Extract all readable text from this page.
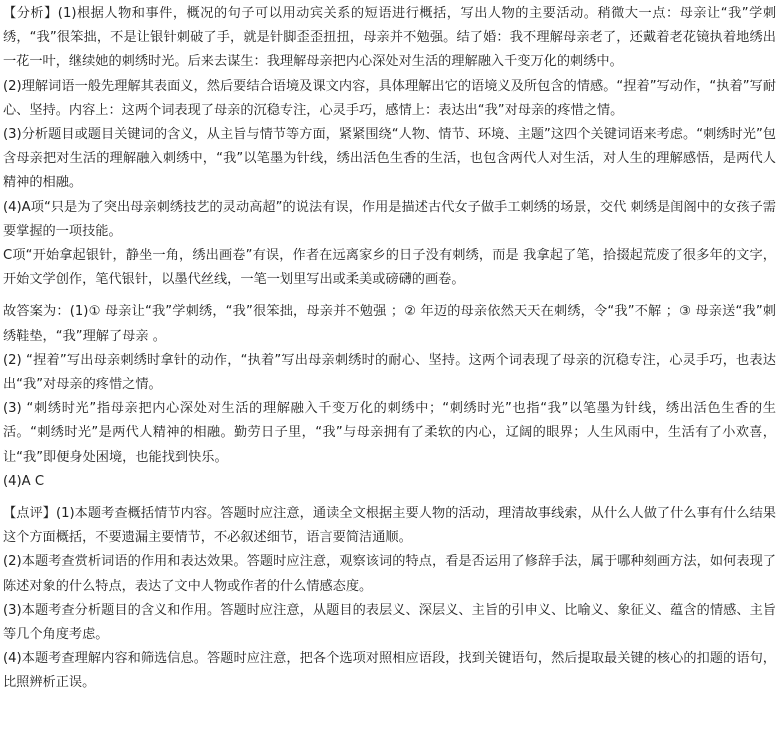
【分析】(1)根据人物和事件，概况的句子可以用动宾关系的短语进行概括，写出人物的主要活动。稍微大一点：母亲让“我”学刺绣，“我”很笨拙，不是让银针刺破了手，就是针脚歪歪扭扭，母亲并不勉强。结了婚：我不理解母亲老了，还戴着老花镜执着地绣出一花一叶，继续她的刺绣时光。后来去谋生：我理解母亲把内心深处对生活的理解融入千变万化的刺绣中。

(2)理解词语一般先理解其表面义，然后要结合语境及课文内容，具体理解出它的语境义及所包含的情感。“捏着”写动作，“执着”写耐心、坚持。内容上：这两个词表现了母亲的沉稳专注，心灵手巧，感情上：表达出“我”对母亲的疼惜之情。

(3)分析题目或题目关键词的含义，从主旨与情节等方面，紧紧围绕“人物、情节、环境、主题”这四个关键词语来考虑。“刺绣时光”包含母亲把对生活的理解融入刺绣中，“我”以笔墨为针线，绣出活色生香的生活，也包含两代人对生活，对人生的理解感悟，是两代人精神的相融。

(4)A项“只是为了突出母亲刺绣技艺的灵动高超”的说法有误，作用是描述古代女子做手工刺绣的场景，交代 刺绣是闺阁中的女孩子需要掌握的一项技能。

C项“开始拿起银针，静坐一角，绣出画卷”有误，作者在远离家乡的日子没有刺绣，而是 我拿起了笔，拾掇起荒废了很多年的文字，开始文学创作，笔代银针，以墨代丝线，一笔一划里写出或柔美或磅礴的画卷。

故答案为：(1)① 母亲让“我”学刺绣，“我”很笨拙，母亲并不勉强 ；② 年迈的母亲依然天天在刺绣，令“我”不解 ；③ 母亲送“我”刺绣鞋垫，“我”理解了母亲 。

(2) “捏着”写出母亲刺绣时拿针的动作，“执着”写出母亲刺绣时的耐心、坚持。这两个词表现了母亲的沉稳专注，心灵手巧，也表达出“我”对母亲的疼惜之情。

(3) “刺绣时光”指母亲把内心深处对生活的理解融入千变万化的刺绣中；“刺绣时光”也指“我”以笔墨为针线，绣出活色生香的生活。“刺绣时光”是两代人精神的相融。勤劳日子里，“我”与母亲拥有了柔软的内心，辽阔的眼界；人生风雨中，生活有了小欢喜，让“我”即便身处困境，也能找到快乐。

(4)A C

【点评】(1)本题考查概括情节内容。答题时应注意，通读全文根据主要人物的活动，理清故事线索，从什么人做了什么事有什么结果这个方面概括，不要遗漏主要情节，不必叙述细节，语言要简洁通顺。

(2)本题考查赏析词语的作用和表达效果。答题时应注意，观察该词的特点，看是否运用了修辞手法，属于哪种刻画方法，如何表现了陈述对象的什么特点，表达了文中人物或作者的什么情感态度。

(3)本题考查分析题目的含义和作用。答题时应注意，从题目的表层义、深层义、主旨的引申义、比喻义、象征义、蕴含的情感、主旨等几个角度考虑。

(4)本题考查理解内容和筛选信息。答题时应注意，把各个选项对照相应语段，找到关键语句，然后提取最关键的核心的扣题的语句，比照辨析正误。
